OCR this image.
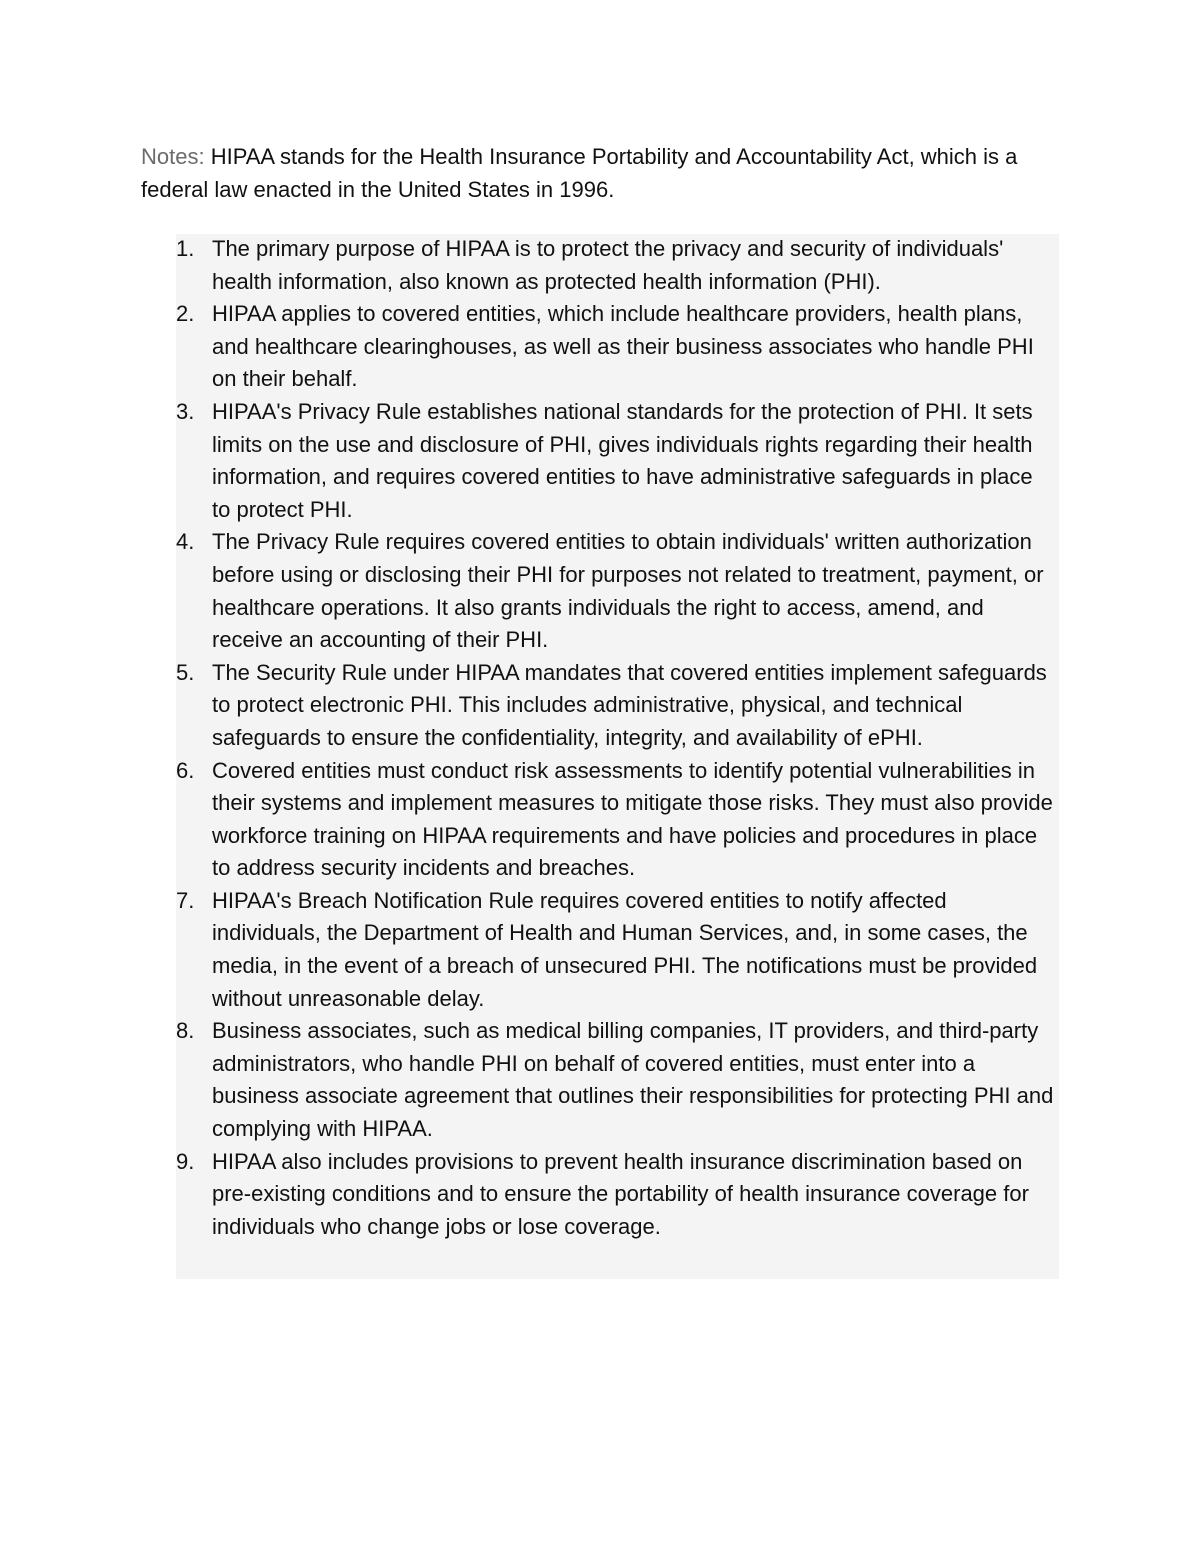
Notes: HIPAA stands for the Health Insurance Portability and Accountability Act, which is a federal law enacted in the United States in 1996.

1. The primary purpose of HIPAA is to protect the privacy and security of individuals' health information, also known as protected health information (PHI).
2. HIPAA applies to covered entities, which include healthcare providers, health plans, and healthcare clearinghouses, as well as their business associates who handle PHI on their behalf.
3. HIPAA's Privacy Rule establishes national standards for the protection of PHI. It sets limits on the use and disclosure of PHI, gives individuals rights regarding their health information, and requires covered entities to have administrative safeguards in place to protect PHI.
4. The Privacy Rule requires covered entities to obtain individuals' written authorization before using or disclosing their PHI for purposes not related to treatment, payment, or healthcare operations. It also grants individuals the right to access, amend, and receive an accounting of their PHI.
5. The Security Rule under HIPAA mandates that covered entities implement safeguards to protect electronic PHI. This includes administrative, physical, and technical safeguards to ensure the confidentiality, integrity, and availability of ePHI.
6. Covered entities must conduct risk assessments to identify potential vulnerabilities in their systems and implement measures to mitigate those risks. They must also provide workforce training on HIPAA requirements and have policies and procedures in place to address security incidents and breaches.
7. HIPAA's Breach Notification Rule requires covered entities to notify affected individuals, the Department of Health and Human Services, and, in some cases, the media, in the event of a breach of unsecured PHI. The notifications must be provided without unreasonable delay.
8. Business associates, such as medical billing companies, IT providers, and third-party administrators, who handle PHI on behalf of covered entities, must enter into a business associate agreement that outlines their responsibilities for protecting PHI and complying with HIPAA.
9. HIPAA also includes provisions to prevent health insurance discrimination based on pre-existing conditions and to ensure the portability of health insurance coverage for individuals who change jobs or lose coverage.
